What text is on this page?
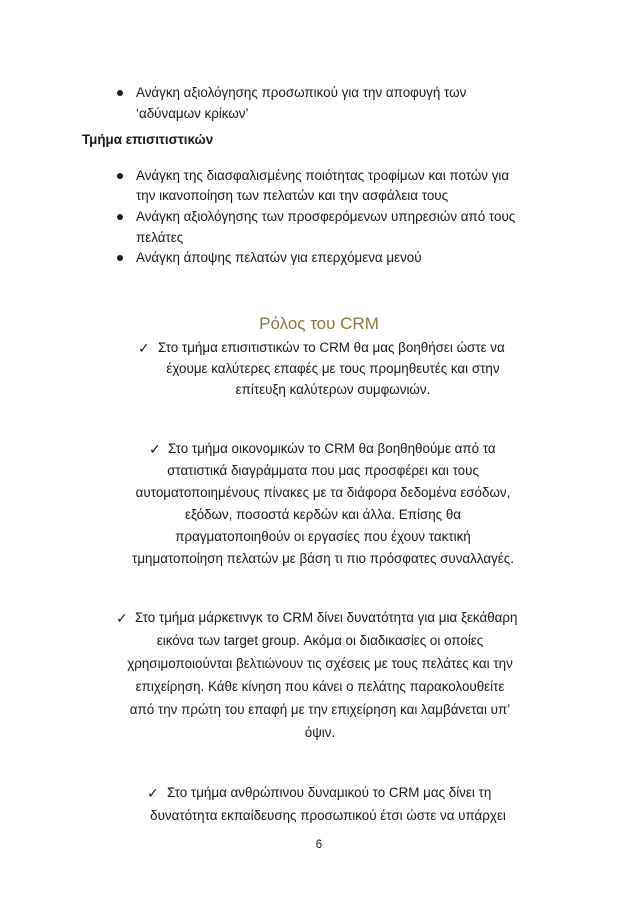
Ανάγκη αξιολόγησης προσωπικού για την αποφυγή των
‘αδύναμων κρίκων’
Τμήμα επισιτιστικών
Ανάγκη της διασφαλισμένης ποιότητας τροφίμων και ποτών για
την ικανοποίηση των πελατών και την ασφάλεια τους
Ανάγκη αξιολόγησης των προσφερόμενων υπηρεσιών από τους
πελάτες
Ανάγκη άποψης πελατών για επερχόμενα μενού
Ρόλος του CRM
✓ Στο τμήμα επισιτιστικών το CRM θα μας βοηθήσει ώστε να
έχουμε καλύτερες επαφές με τους προμηθευτές και στην
επίτευξη καλύτερων συμφωνιών.
✓ Στο τμήμα οικονομικών το CRM θα βοηθηθούμε από τα
στατιστικά διαγράμματα που μας προσφέρει και τους
αυτοματοποιημένους πίνακες με τα διάφορα δεδομένα εσόδων,
εξόδων, ποσοστά κερδών και άλλα. Επίσης θα
πραγματοποιηθούν οι εργασίες που έχουν τακτική
τμηματοποίηση πελατών με βάση τι πιο πρόσφατες συναλλαγές.
✓ Στο τμήμα μάρκετινγκ το CRM δίνει δυνατότητα για μια ξεκάθαρη
εικόνα των target group. Ακόμα οι διαδικασίες οι οποίες
χρησιμοποιούνται βελτιώνουν τις σχέσεις με τους πελάτες και την
επιχείρηση. Κάθε κίνηση που κάνει ο πελάτης παρακολουθείτε
από την πρώτη του επαφή με την επιχείρηση και λαμβάνεται υπ’
όψιν.
✓ Στο τμήμα ανθρώπινου δυναμικού το CRM μας δίνει τη
δυνατότητα εκπαίδευσης προσωπικού έτσι ώστε να υπάρχει
6
